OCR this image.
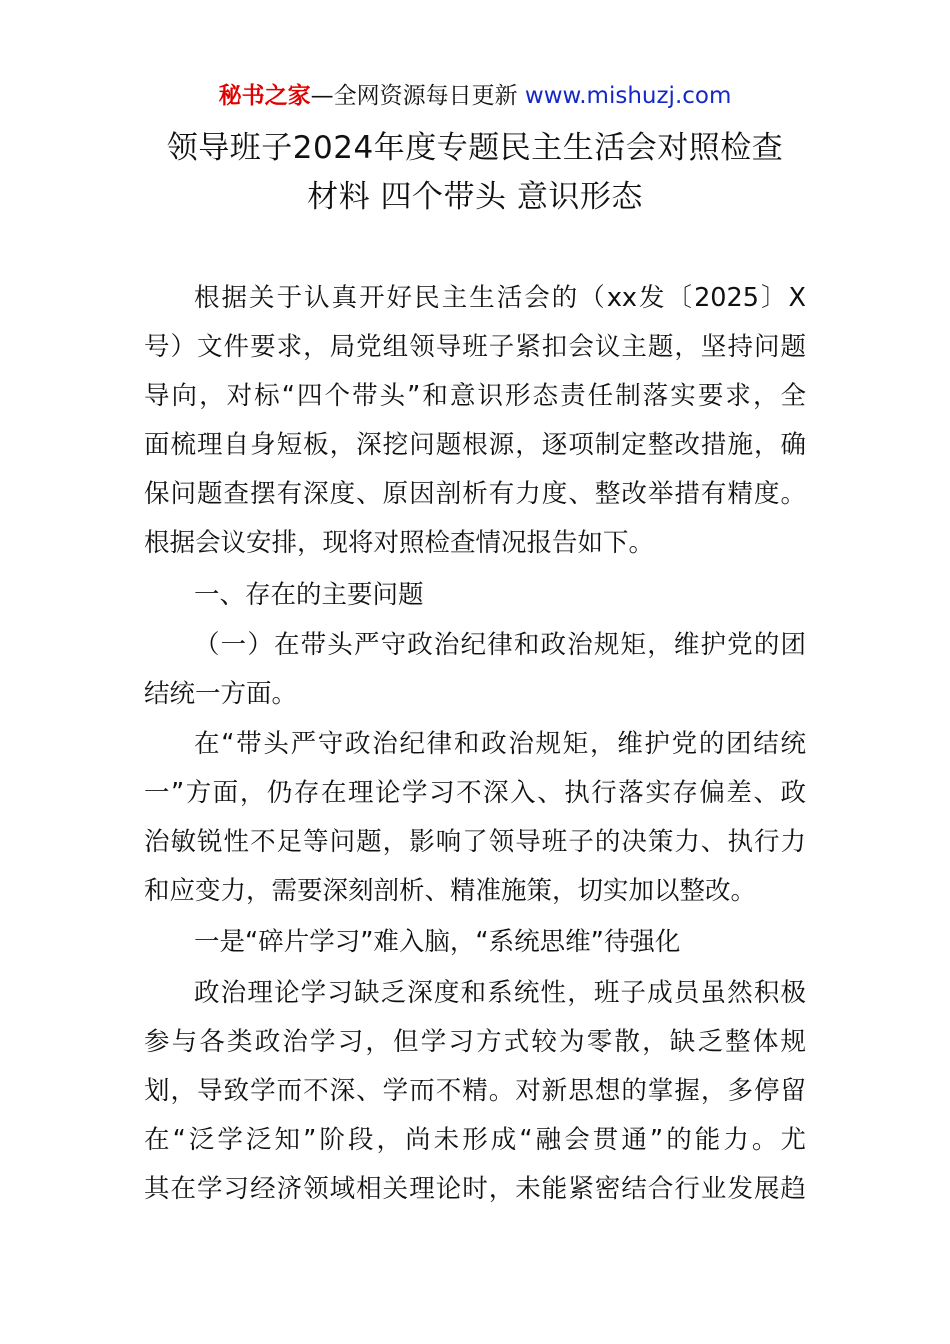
秘书之家—全网资源每日更新 www.mishuzj.com
领导班子2024年度专题民主生活会对照检查
材料 四个带头 意识形态
根据关于认真开好民主生活会的（xx发〔2025〕X
号）文件要求，局党组领导班子紧扣会议主题，坚持问题
导向，对标“四个带头”和意识形态责任制落实要求，全
面梳理自身短板，深挖问题根源，逐项制定整改措施，确
保问题查摆有深度、原因剖析有力度、整改举措有精度。
根据会议安排，现将对照检查情况报告如下。
一、存在的主要问题
（一）在带头严守政治纪律和政治规矩，维护党的团
结统一方面。
在“带头严守政治纪律和政治规矩，维护党的团结统
一”方面，仍存在理论学习不深入、执行落实存偏差、政
治敏锐性不足等问题，影响了领导班子的决策力、执行力
和应变力，需要深刻剖析、精准施策，切实加以整改。
一是“碎片学习”难入脑，“系统思维”待强化
政治理论学习缺乏深度和系统性，班子成员虽然积极
参与各类政治学习，但学习方式较为零散，缺乏整体规
划，导致学而不深、学而不精。对新思想的掌握，多停留
在“泛学泛知”阶段，尚未形成“融会贯通”的能力。尤
其在学习经济领域相关理论时，未能紧密结合行业发展趋
